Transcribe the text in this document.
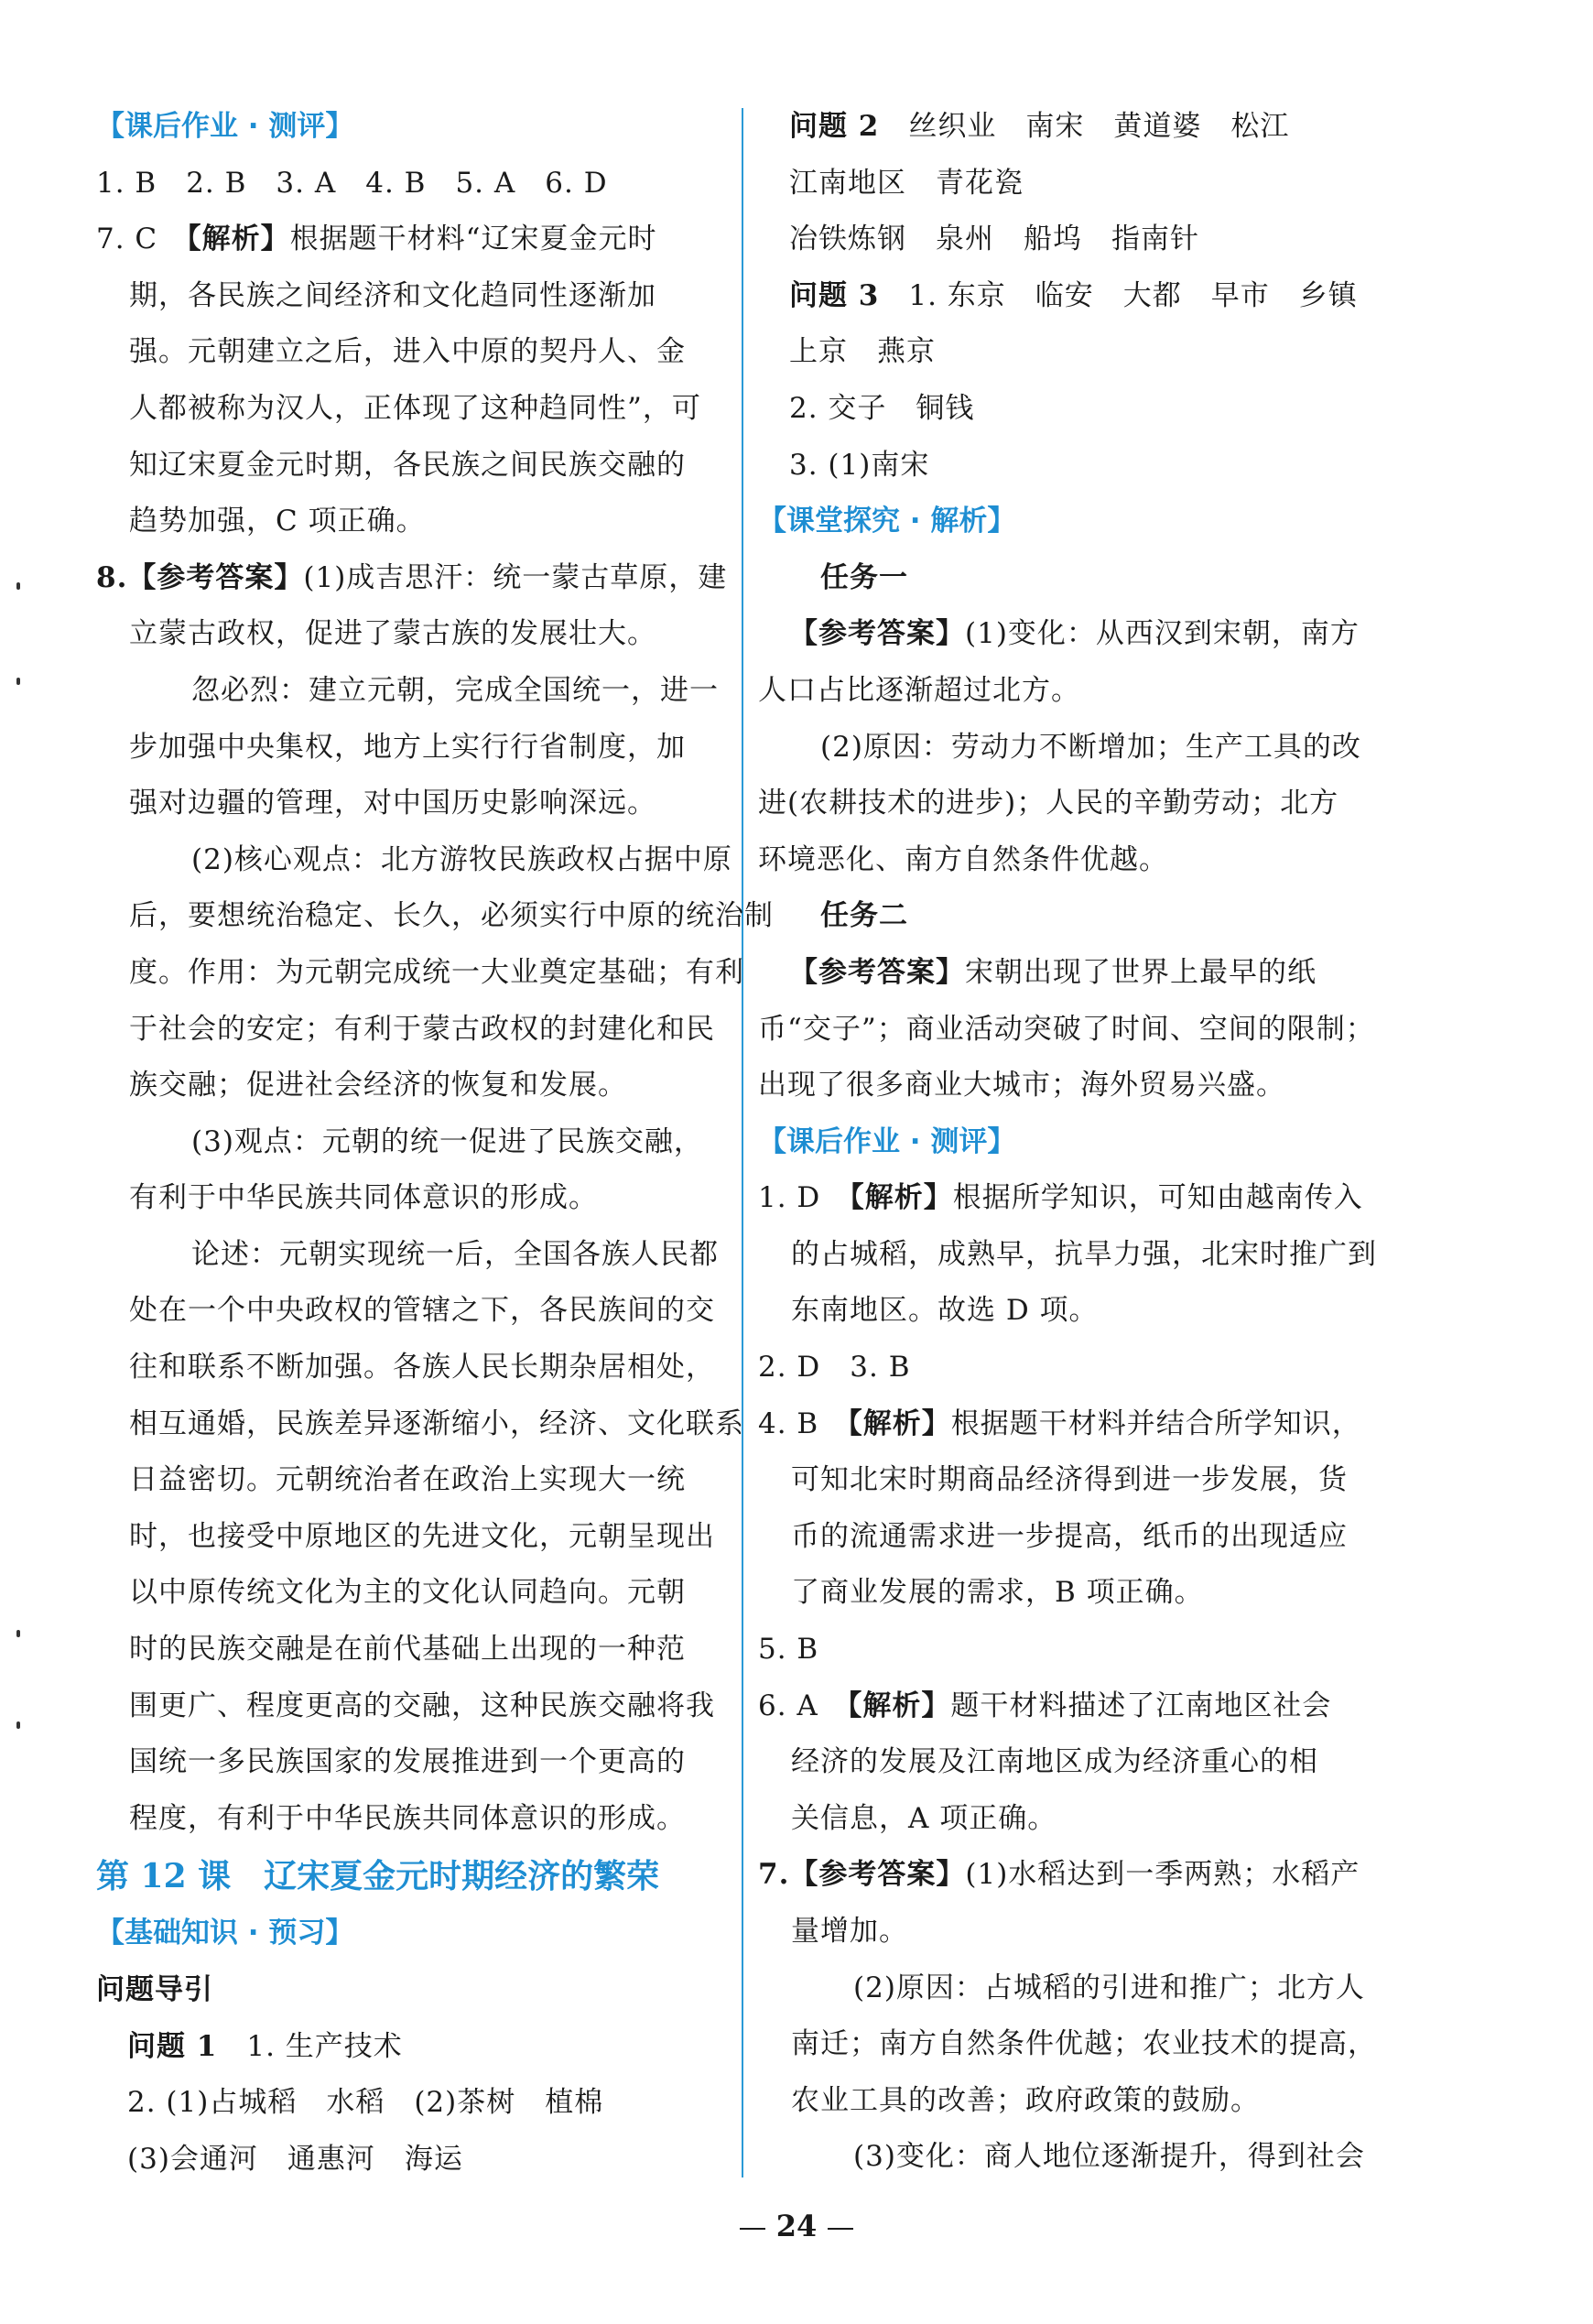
【课后作业 · 测评】
1. B　2. B　3. A　4. B　5. A　6. D
7. C　【解析】根据题干材料“辽宋夏金元时
期，各民族之间经济和文化趋同性逐渐加
强。元朝建立之后，进入中原的契丹人、金
人都被称为汉人，正体现了这种趋同性”，可
知辽宋夏金元时期，各民族之间民族交融的
趋势加强，C 项正确。
8.【参考答案】(1)成吉思汗：统一蒙古草原，建
立蒙古政权，促进了蒙古族的发展壮大。
忽必烈：建立元朝，完成全国统一，进一
步加强中央集权，地方上实行行省制度，加
强对边疆的管理，对中国历史影响深远。
(2)核心观点：北方游牧民族政权占据中原
后，要想统治稳定、长久，必须实行中原的统治制
度。作用：为元朝完成统一大业奠定基础；有利
于社会的安定；有利于蒙古政权的封建化和民
族交融；促进社会经济的恢复和发展。
(3)观点：元朝的统一促进了民族交融，
有利于中华民族共同体意识的形成。
论述：元朝实现统一后，全国各族人民都
处在一个中央政权的管辖之下，各民族间的交
往和联系不断加强。各族人民长期杂居相处，
相互通婚，民族差异逐渐缩小，经济、文化联系
日益密切。元朝统治者在政治上实现大一统
时，也接受中原地区的先进文化，元朝呈现出
以中原传统文化为主的文化认同趋向。元朝
时的民族交融是在前代基础上出现的一种范
围更广、程度更高的交融，这种民族交融将我
国统一多民族国家的发展推进到一个更高的
程度，有利于中华民族共同体意识的形成。
第 12 课　辽宋夏金元时期经济的繁荣
【基础知识 · 预习】
问题导引
问题 1　 1. 生产技术
2. (1)占城稻　水稻　(2)茶树　植棉
(3)会通河　通惠河　海运
问题 2　 丝织业　南宋　黄道婆　松江
江南地区　青花瓷
冶铁炼钢　泉州　船坞　指南针
问题 3　 1. 东京　临安　大都　早市　乡镇
上京　燕京
2. 交子　铜钱
3. (1)南宋
【课堂探究 · 解析】
任务一
【参考答案】(1)变化：从西汉到宋朝，南方
人口占比逐渐超过北方。
(2)原因：劳动力不断增加；生产工具的改
进(农耕技术的进步)；人民的辛勤劳动；北方
环境恶化、南方自然条件优越。
任务二
【参考答案】宋朝出现了世界上最早的纸
币“交子”；商业活动突破了时间、空间的限制；
出现了很多商业大城市；海外贸易兴盛。
【课后作业 · 测评】
1. D　【解析】根据所学知识，可知由越南传入
的占城稻，成熟早，抗旱力强，北宋时推广到
东南地区。故选 D 项。
2. D　3. B
4. B　【解析】根据题干材料并结合所学知识，
可知北宋时期商品经济得到进一步发展，货
币的流通需求进一步提高，纸币的出现适应
了商业发展的需求，B 项正确。
5. B
6. A　【解析】题干材料描述了江南地区社会
经济的发展及江南地区成为经济重心的相
关信息，A 项正确。
7.【参考答案】(1)水稻达到一季两熟；水稻产
量增加。
(2)原因：占城稻的引进和推广；北方人
南迁；南方自然条件优越；农业技术的提高，
农业工具的改善；政府政策的鼓励。
(3)变化：商人地位逐渐提升，得到社会
24
